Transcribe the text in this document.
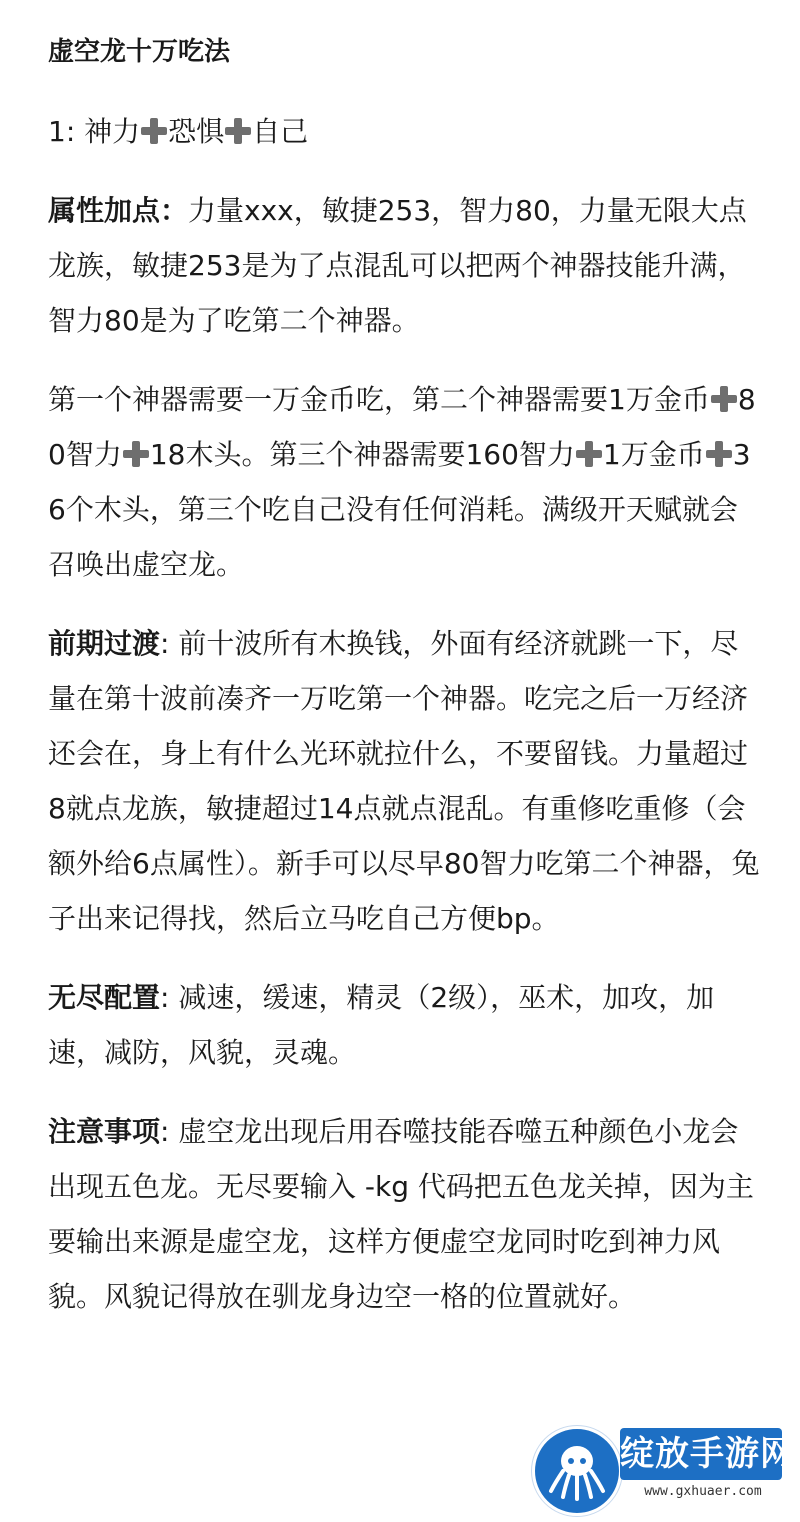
虚空龙十万吃法
1: 神力 恐惧 自己
属性加点：力量xxx，敏捷253，智力80，力量无限大点龙族，敏捷253是为了点混乱可以把两个神器技能升满，智力80是为了吃第二个神器。
第一个神器需要一万金币吃，第二个神器需要1万金币 80智力 18木头。第三个神器需要160智力 1万金币 36个木头，第三个吃自己没有任何消耗。满级开天赋就会召唤出虚空龙。
前期过渡: 前十波所有木换钱，外面有经济就跳一下，尽量在第十波前凑齐一万吃第一个神器。吃完之后一万经济还会在，身上有什么光环就拉什么，不要留钱。力量超过8就点龙族，敏捷超过14点就点混乱。有重修吃重修（会额外给6点属性）。新手可以尽早80智力吃第二个神器，兔子出来记得找，然后立马吃自己方便bp。
无尽配置: 减速，缓速，精灵（2级），巫术，加攻，加速，减防，风貌，灵魂。
注意事项: 虚空龙出现后用吞噬技能吞噬五种颜色小龙会出现五色龙。无尽要输入 -kg 代码把五色龙关掉，因为主要输出来源是虚空龙，这样方便虚空龙同时吃到神力风貌。风貌记得放在驯龙身边空一格的位置就好。
绽放手游网
www.gxhuaer.com
